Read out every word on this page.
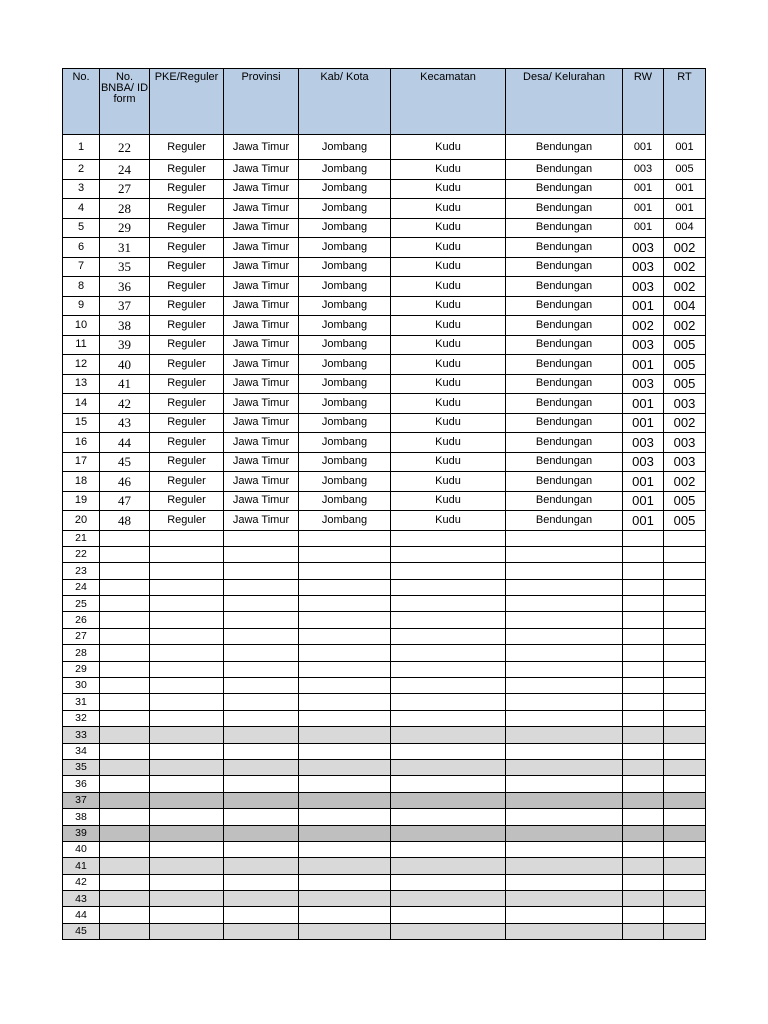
No.	No. BNBA/ ID form	PKE/Reguler	Provinsi	Kab/ Kota	Kecamatan	Desa/ Kelurahan	RW	RT
1	22	Reguler	Jawa Timur	Jombang	Kudu	Bendungan	001	001
2	24	Reguler	Jawa Timur	Jombang	Kudu	Bendungan	003	005
3	27	Reguler	Jawa Timur	Jombang	Kudu	Bendungan	001	001
4	28	Reguler	Jawa Timur	Jombang	Kudu	Bendungan	001	001
5	29	Reguler	Jawa Timur	Jombang	Kudu	Bendungan	001	004
6	31	Reguler	Jawa Timur	Jombang	Kudu	Bendungan	003	002
7	35	Reguler	Jawa Timur	Jombang	Kudu	Bendungan	003	002
8	36	Reguler	Jawa Timur	Jombang	Kudu	Bendungan	003	002
9	37	Reguler	Jawa Timur	Jombang	Kudu	Bendungan	001	004
10	38	Reguler	Jawa Timur	Jombang	Kudu	Bendungan	002	002
11	39	Reguler	Jawa Timur	Jombang	Kudu	Bendungan	003	005
12	40	Reguler	Jawa Timur	Jombang	Kudu	Bendungan	001	005
13	41	Reguler	Jawa Timur	Jombang	Kudu	Bendungan	003	005
14	42	Reguler	Jawa Timur	Jombang	Kudu	Bendungan	001	003
15	43	Reguler	Jawa Timur	Jombang	Kudu	Bendungan	001	002
16	44	Reguler	Jawa Timur	Jombang	Kudu	Bendungan	003	003
17	45	Reguler	Jawa Timur	Jombang	Kudu	Bendungan	003	003
18	46	Reguler	Jawa Timur	Jombang	Kudu	Bendungan	001	002
19	47	Reguler	Jawa Timur	Jombang	Kudu	Bendungan	001	005
20	48	Reguler	Jawa Timur	Jombang	Kudu	Bendungan	001	005
21								
22								
23								
24								
25								
26								
27								
28								
29								
30								
31								
32								
33								
34								
35								
36								
37								
38								
39								
40								
41								
42								
43								
44								
45								
